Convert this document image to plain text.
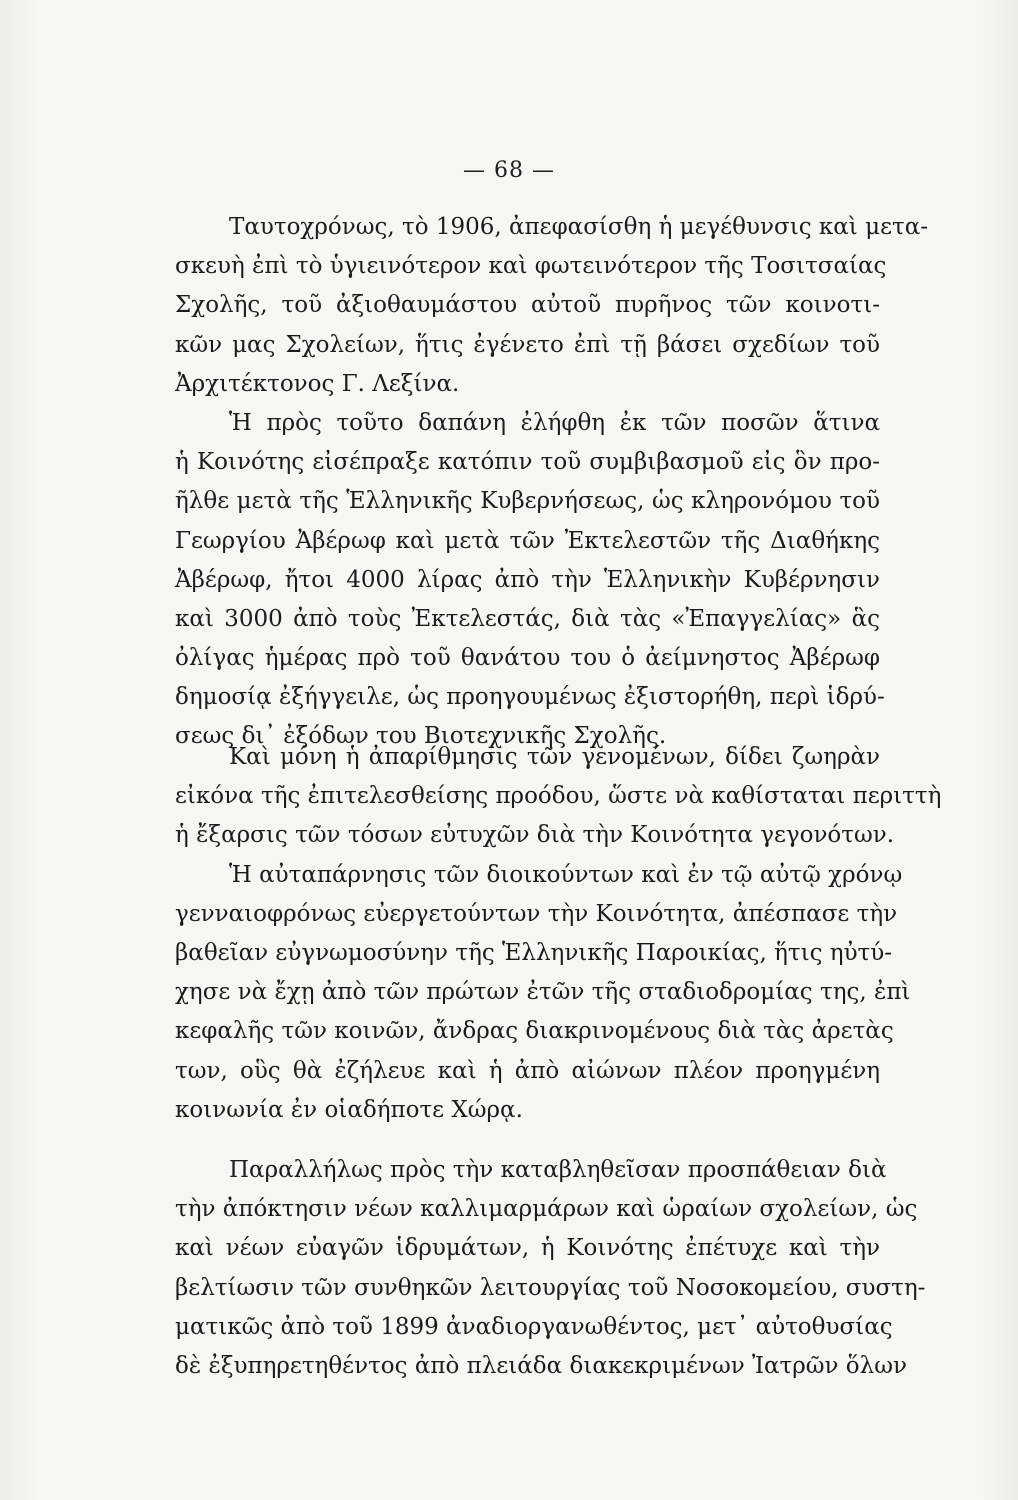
— 68 —
Ταυτοχρόνως, τὸ 1906, ἀπεφασίσθη ἡ μεγέθυνσις καὶ μετα-
σκευὴ ἐπὶ τὸ ὑγιεινότερον καὶ φωτεινότερον τῆς Τοσιτσαίας
Σχολῆς, τοῦ ἀξιοθαυμάστου αὐτοῦ πυρῆνος τῶν κοινοτι-
κῶν μας Σχολείων, ἥτις ἐγένετο ἐπὶ τῇ βάσει σχεδίων τοῦ
Ἀρχιτέκτονος Γ. Λεξίνα.
Ἡ πρὸς τοῦτο δαπάνη ἐλήφθη ἐκ τῶν ποσῶν ἅτινα
ἡ Κοινότης εἰσέπραξε κατόπιν τοῦ συμβιβασμοῦ εἰς ὃν προ-
ῆλθε μετὰ τῆς Ἑλληνικῆς Κυβερνήσεως, ὡς κληρονόμου τοῦ
Γεωργίου Ἀβέρωφ καὶ μετὰ τῶν Ἐκτελεστῶν τῆς Διαθήκης
Ἀβέρωφ, ἤτοι 4000 λίρας ἀπὸ τὴν Ἑλληνικὴν Κυβέρνησιν
καὶ 3000 ἀπὸ τοὺς Ἐκτελεστάς, διὰ τὰς «Ἐπαγγελίας» ἃς
ὀλίγας ἡμέρας πρὸ τοῦ θανάτου του ὁ ἀείμνηστος Ἀβέρωφ
δημοσίᾳ ἐξήγγειλε, ὡς προηγουμένως ἐξιστορήθη, περὶ ἱδρύ-
σεως δι᾽ ἐξόδων του Βιοτεχνικῆς Σχολῆς.
Καὶ μόνη ἡ ἀπαρίθμησις τῶν γενομένων, δίδει ζωηρὰν
εἰκόνα τῆς ἐπιτελεσθείσης προόδου, ὥστε νὰ καθίσταται περιττὴ
ἡ ἔξαρσις τῶν τόσων εὐτυχῶν διὰ τὴν Κοινότητα γεγονότων.
Ἡ αὐταπάρνησις τῶν διοικούντων καὶ ἐν τῷ αὐτῷ χρόνῳ
γενναιοφρόνως εὐεργετούντων τὴν Κοινότητα, ἀπέσπασε τὴν
βαθεῖαν εὐγνωμοσύνην τῆς Ἑλληνικῆς Παροικίας, ἥτις ηὐτύ-
χησε νὰ ἔχῃ ἀπὸ τῶν πρώτων ἐτῶν τῆς σταδιοδρομίας της, ἐπὶ
κεφαλῆς τῶν κοινῶν, ἄνδρας διακρινομένους διὰ τὰς ἀρετὰς
των, οὓς θὰ ἐζήλευε καὶ ἡ ἀπὸ αἰώνων πλέον προηγμένη
κοινωνία ἐν οἱαδήποτε Χώρᾳ.
Παραλλήλως πρὸς τὴν καταβληθεῖσαν προσπάθειαν διὰ
τὴν ἀπόκτησιν νέων καλλιμαρμάρων καὶ ὡραίων σχολείων, ὡς
καὶ νέων εὐαγῶν ἱδρυμάτων, ἡ Κοινότης ἐπέτυχε καὶ τὴν
βελτίωσιν τῶν συνθηκῶν λειτουργίας τοῦ Νοσοκομείου, συστη-
ματικῶς ἀπὸ τοῦ 1899 ἀναδιοργανωθέντος, μετ᾽ αὐτοθυσίας
δὲ ἐξυπηρετηθέντος ἀπὸ πλειάδα διακεκριμένων Ἰατρῶν ὅλων
